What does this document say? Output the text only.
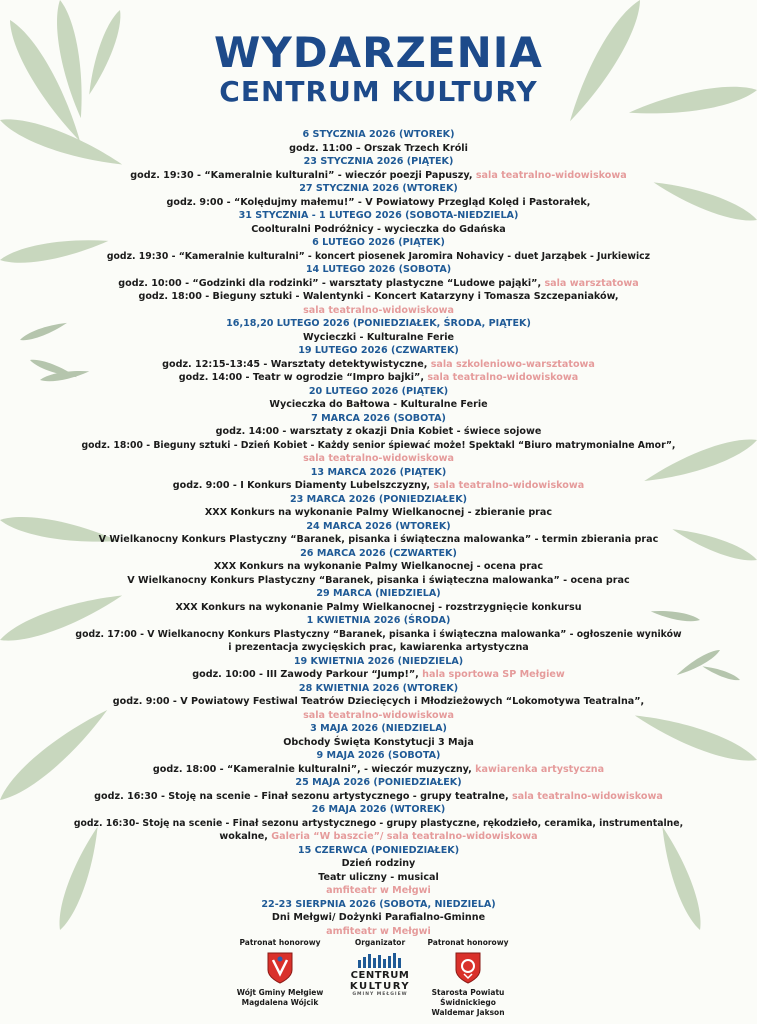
WYDARZENIA
CENTRUM KULTURY
6 STYCZNIA 2026 (WTOREK)
godz. 11:00 – Orszak Trzech Króli
23 STYCZNIA 2026 (PIĄTEK)
godz. 19:30 - “Kameralnie kulturalni” - wieczór poezji Papuszy, sala teatralno-widowiskowa
27 STYCZNIA 2026 (WTOREK)
godz. 9:00 - “Kolędujmy małemu!” - V Powiatowy Przegląd Kolęd i Pastorałek,
31 STYCZNIA - 1 LUTEGO 2026 (SOBOTA-NIEDZIELA)
Coolturalni Podróżnicy - wycieczka do Gdańska
6 LUTEGO 2026 (PIĄTEK)
godz. 19:30 - “Kameralnie kulturalni” - koncert piosenek Jaromira Nohavicy - duet Jarząbek - Jurkiewicz
14 LUTEGO 2026 (SOBOTA)
godz. 10:00 - “Godzinki dla rodzinki” - warsztaty plastyczne “Ludowe pająki”, sala warsztatowa
godz. 18:00 - Bieguny sztuki - Walentynki - Koncert Katarzyny i Tomasza Szczepaniaków,
sala teatralno-widowiskowa
16,18,20 LUTEGO 2026 (PONIEDZIAŁEK, ŚRODA, PIĄTEK)
Wycieczki - Kulturalne Ferie
19 LUTEGO 2026 (CZWARTEK)
godz. 12:15-13:45 - Warsztaty detektywistyczne, sala szkoleniowo-warsztatowa
godz. 14:00 - Teatr w ogrodzie “Impro bajki”, sala teatralno-widowiskowa
20 LUTEGO 2026 (PIĄTEK)
Wycieczka do Bałtowa - Kulturalne Ferie
7 MARCA 2026 (SOBOTA)
godz. 14:00 - warsztaty z okazji Dnia Kobiet - świece sojowe
godz. 18:00 - Bieguny sztuki - Dzień Kobiet - Każdy senior śpiewać może! Spektakl “Biuro matrymonialne Amor”,
sala teatralno-widowiskowa
13 MARCA 2026 (PIĄTEK)
godz. 9:00 - I Konkurs Diamenty Lubelszczyzny, sala teatralno-widowiskowa
23 MARCA 2026 (PONIEDZIAŁEK)
XXX Konkurs na wykonanie Palmy Wielkanocnej - zbieranie prac
24 MARCA 2026 (WTOREK)
V Wielkanocny Konkurs Plastyczny “Baranek, pisanka i świąteczna malowanka” - termin zbierania prac
26 MARCA 2026 (CZWARTEK)
XXX Konkurs na wykonanie Palmy Wielkanocnej - ocena prac
V Wielkanocny Konkurs Plastyczny “Baranek, pisanka i świąteczna malowanka” - ocena prac
29 MARCA (NIEDZIELA)
XXX Konkurs na wykonanie Palmy Wielkanocnej - rozstrzygnięcie konkursu
1 KWIETNIA 2026 (ŚRODA)
godz. 17:00 - V Wielkanocny Konkurs Plastyczny “Baranek, pisanka i świąteczna malowanka” - ogłoszenie wyników
i prezentacja zwycięskich prac, kawiarenka artystyczna
19 KWIETNIA 2026 (NIEDZIELA)
godz. 10:00 - III Zawody Parkour “Jump!”, hala sportowa SP Mełgiew
28 KWIETNIA 2026 (WTOREK)
godz. 9:00 - V Powiatowy Festiwal Teatrów Dziecięcych i Młodzieżowych “Lokomotywa Teatralna”,
sala teatralno-widowiskowa
3 MAJA 2026 (NIEDZIELA)
Obchody Święta Konstytucji 3 Maja
9 MAJA 2026 (SOBOTA)
godz. 18:00 - “Kameralnie kulturalni”, - wieczór muzyczny, kawiarenka artystyczna
25 MAJA 2026 (PONIEDZIAŁEK)
godz. 16:30 - Stoję na scenie - Finał sezonu artystycznego - grupy teatralne, sala teatralno-widowiskowa
26 MAJA 2026 (WTOREK)
godz. 16:30- Stoję na scenie - Finał sezonu artystycznego - grupy plastyczne, rękodzieło, ceramika, instrumentalne,
wokalne, Galeria “W baszcie”/ sala teatralno-widowiskowa
15 CZERWCA (PONIEDZIAŁEK)
Dzień rodziny
Teatr uliczny - musical
amfiteatr w Mełgwi
22-23 SIERPNIA 2026 (SOBOTA, NIEDZIELA)
Dni Mełgwi/ Dożynki Parafialno-Gminne
amfiteatr w Mełgwi
Patronat honorowy
Wójt Gminy Mełgiew
Magdalena Wójcik
Organizator
CENTRUM
KULTURY
GMINY MEŁGIEW
Patronat honorowy
Starosta Powiatu
Świdnickiego
Waldemar Jakson
